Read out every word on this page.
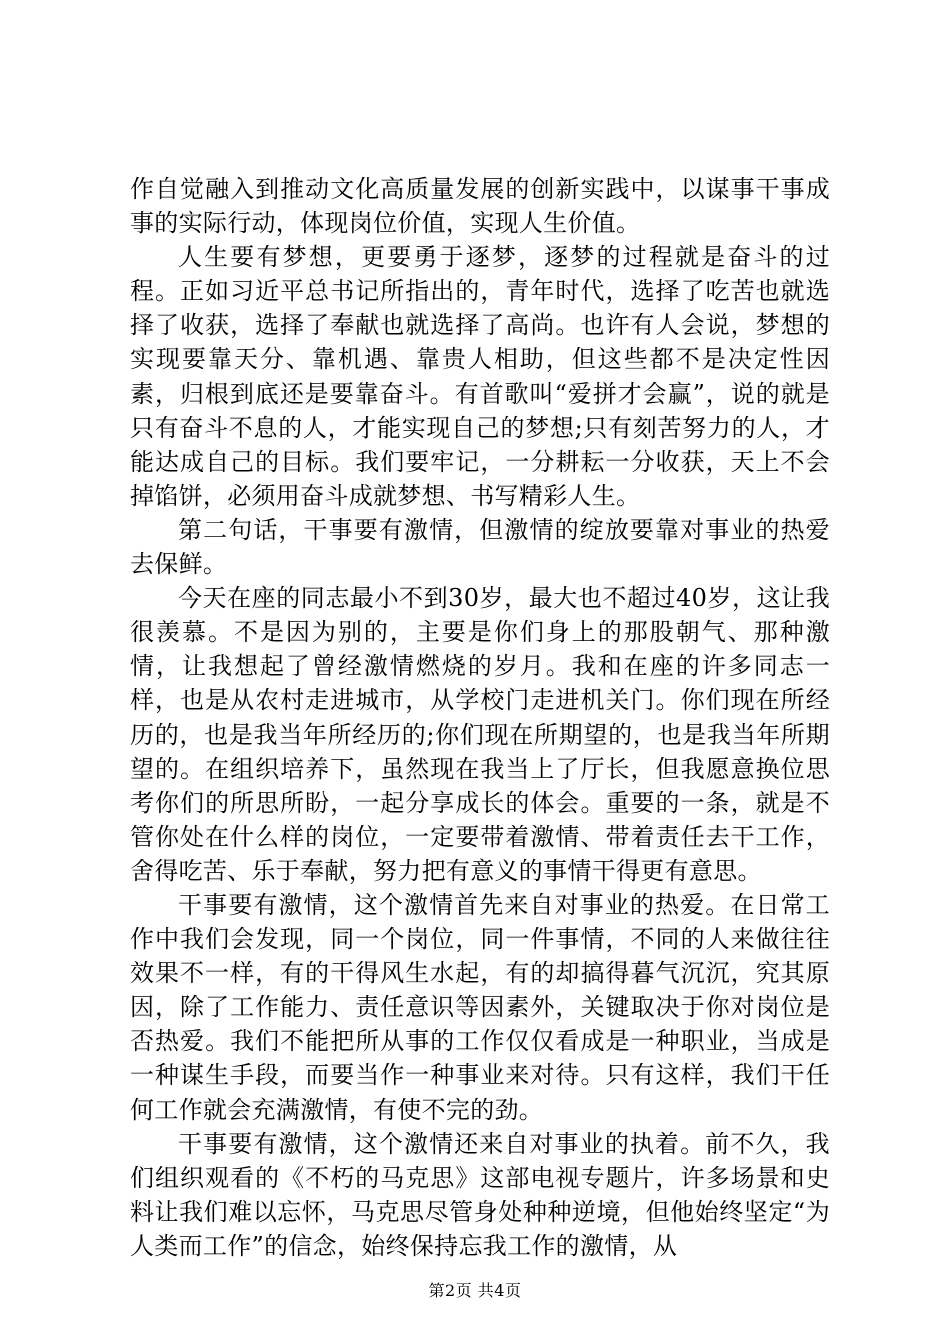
作自觉融入到推动文化高质量发展的创新实践中，以谋事干事成事的实际行动，体现岗位价值，实现人生价值。

人生要有梦想，更要勇于逐梦，逐梦的过程就是奋斗的过程。正如习近平总书记所指出的，青年时代，选择了吃苦也就选择了收获，选择了奉献也就选择了高尚。也许有人会说，梦想的实现要靠天分、靠机遇、靠贵人相助，但这些都不是决定性因素，归根到底还是要靠奋斗。有首歌叫“爱拼才会赢”，说的就是只有奋斗不息的人，才能实现自己的梦想;只有刻苦努力的人，才能达成自己的目标。我们要牢记，一分耕耘一分收获，天上不会掉馅饼，必须用奋斗成就梦想、书写精彩人生。

第二句话，干事要有激情，但激情的绽放要靠对事业的热爱去保鲜。

今天在座的同志最小不到30岁，最大也不超过40岁，这让我很羡慕。不是因为别的，主要是你们身上的那股朝气、那种激情，让我想起了曾经激情燃烧的岁月。我和在座的许多同志一样，也是从农村走进城市，从学校门走进机关门。你们现在所经历的，也是我当年所经历的;你们现在所期望的，也是我当年所期望的。在组织培养下，虽然现在我当上了厅长，但我愿意换位思考你们的所思所盼，一起分享成长的体会。重要的一条，就是不管你处在什么样的岗位，一定要带着激情、带着责任去干工作，舍得吃苦、乐于奉献，努力把有意义的事情干得更有意思。

干事要有激情，这个激情首先来自对事业的热爱。在日常工作中我们会发现，同一个岗位，同一件事情，不同的人来做往往效果不一样，有的干得风生水起，有的却搞得暮气沉沉，究其原因，除了工作能力、责任意识等因素外，关键取决于你对岗位是否热爱。我们不能把所从事的工作仅仅看成是一种职业，当成是一种谋生手段，而要当作一种事业来对待。只有这样，我们干任何工作就会充满激情，有使不完的劲。

干事要有激情，这个激情还来自对事业的执着。前不久，我们组织观看的《不朽的马克思》这部电视专题片，许多场景和史料让我们难以忘怀，马克思尽管身处种种逆境，但他始终坚定“为人类而工作”的信念，始终保持忘我工作的激情，从

第2页 共4页
